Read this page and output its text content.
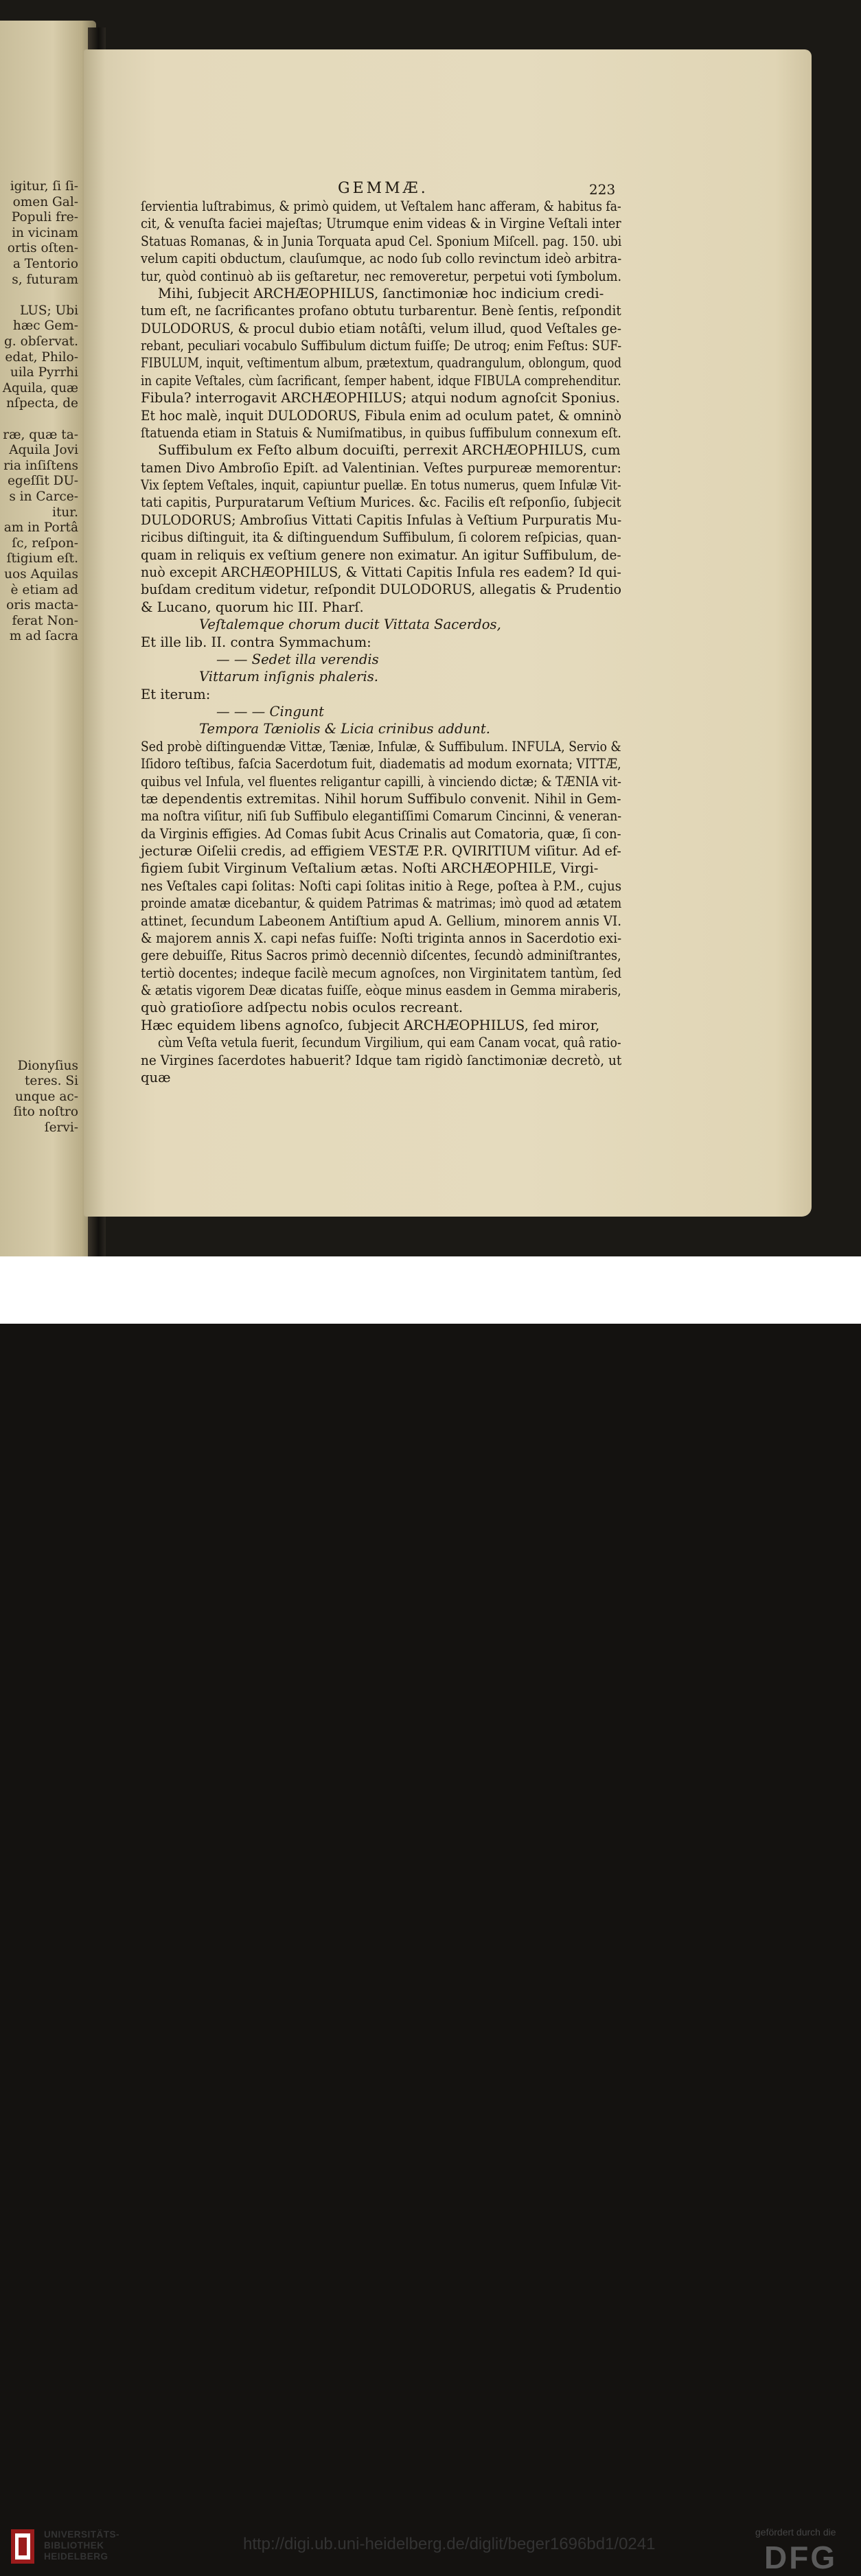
igitur, ſi ſi-
omen Gal-
Populi fre-
in vicinam
ortis oſten-
a Tentorio
s, futuram
LUS; Ubi
hæc Gem-
g. obſervat.
edat, Philo-
uila Pyrrhi
Aquila, quæ
nſpecta, de
ræ, quæ ta-
Aquila Jovi
ria inſiſtens
egeſſit DU-
s in Carce-
itur.
am in Portâ
ſc, reſpon-
ſtigium eſt.
uos Aquilas
è etiam ad
oris macta-
ferat Non-
m ad ſacra
Dionyſius
teres. Si
unque ac-
ſito noſtro
ſervi-
GEMMÆ.	223
ſervientia luſtrabimus, & primò quidem, ut Veſtalem hanc afferam, & habitus fa-
cit, & venuſta faciei majeſtas; Utrumque enim videas & in Virgine Veſtali inter
Statuas Romanas, & in Junia Torquata apud Cel. Sponium Miſcell. pag. 150. ubi
velum capiti obductum, clauſumque, ac nodo ſub collo revinctum ideò arbitra-
tur, quòd continuò ab iis geſtaretur, nec removeretur, perpetui voti ſymbolum.
Mihi, ſubjecit ARCHÆOPHILUS, ſanctimoniæ hoc indicium credi-
tum eſt, ne ſacrificantes profano obtutu turbarentur. Benè ſentis, reſpondit
DULODORUS, & procul dubio etiam notâſti, velum illud, quod Veſtales ge-
rebant, peculiari vocabulo Suffibulum dictum fuiſſe; De utroq; enim Feſtus: SUF-
FIBULUM, inquit, veſtimentum album, prætextum, quadrangulum, oblongum, quod
in capite Veſtales, cùm ſacrificant, ſemper habent, idque FIBULA comprehenditur.
Fibula? interrogavit ARCHÆOPHILUS; atqui nodum agnoſcit Sponius.
Et hoc malè, inquit DULODORUS, Fibula enim ad oculum patet, & omninò
ſtatuenda etiam in Statuis & Numiſmatibus, in quibus ſuffibulum connexum eſt.
Suffibulum ex Feſto album docuiſti, perrexit ARCHÆOPHILUS, cum
tamen Divo Ambroſio Epiſt. ad Valentinian. Veſtes purpureæ memorentur:
Vix ſeptem Veſtales, inquit, capiuntur puellæ. En totus numerus, quem Infulæ Vit-
tati capitis, Purpuratarum Veſtium Murices. &c. Facilis eſt reſponſio, ſubjecit
DULODORUS; Ambroſius Vittati Capitis Infulas à Veſtium Purpuratis Mu-
ricibus diſtinguit, ita & diſtinguendum Suffibulum, ſi colorem reſpicias, quan-
quam in reliquis ex veſtium genere non eximatur. An igitur Suffibulum, de-
nuò excepit ARCHÆOPHILUS, & Vittati Capitis Infula res eadem? Id qui-
buſdam creditum videtur, reſpondit DULODORUS, allegatis & Prudentio
& Lucano, quorum hic III. Pharſ.
Veſtalemque chorum ducit Vittata Sacerdos,
Et ille lib. II. contra Symmachum:
— — Sedet illa verendis
Vittarum inſignis phaleris.
Et iterum:
— — — Cingunt
Tempora Tæniolis & Licia crinibus addunt.
Sed probè diſtinguendæ Vittæ, Tæniæ, Infulæ, & Suffibulum. INFULA, Servio &
Iſidoro teſtibus, faſcia Sacerdotum fuit, diadematis ad modum exornata; VITTÆ,
quibus vel Infula, vel fluentes religantur capilli, à vinciendo dictæ; & TÆNIA vit-
tæ dependentis extremitas. Nihil horum Suffibulo convenit. Nihil in Gem-
ma noſtra viſitur, niſi ſub Suffibulo elegantiſſimi Comarum Cincinni, & veneran-
da Virginis effigies. Ad Comas ſubit Acus Crinalis aut Comatoria, quæ, ſi con-
jecturæ Oiſelii credis, ad effigiem VESTÆ P.R. QVIRITIUM viſitur. Ad ef-
figiem ſubit Virginum Veſtalium ætas. Noſti ARCHÆOPHILE, Virgi-
nes Veſtales capi ſolitas: Noſti capi ſolitas initio à Rege, poſtea à P.M., cujus
proinde amatæ dicebantur, & quidem Patrimas & matrimas; imò quod ad ætatem
attinet, ſecundum Labeonem Antiſtium apud A. Gellium, minorem annis VI.
& majorem annis X. capi nefas fuiſſe: Noſti triginta annos in Sacerdotio exi-
gere debuiſſe, Ritus Sacros primò decenniò diſcentes, ſecundò adminiſtrantes,
tertiò docentes; indeque facilè mecum agnoſces, non Virginitatem tantùm, ſed
& ætatis vigorem Deæ dicatas fuiſſe, eòque minus easdem in Gemma miraberis,
quò gratioſiore adſpectu nobis oculos recreant.
Hæc equidem libens agnoſco, ſubjecit ARCHÆOPHILUS, ſed miror,
cùm Veſta vetula fuerit, ſecundum Virgilium, qui eam Canam vocat, quâ ratio-
ne Virgines ſacerdotes habuerit? Idque tam rigidò ſanctimoniæ decretò, ut
quæ
UNIVERSITÄTS-
BIBLIOTHEK
HEIDELBERG
http://digi.ub.uni-heidelberg.de/diglit/beger1696bd1/0241
gefördert durch die
DFG
